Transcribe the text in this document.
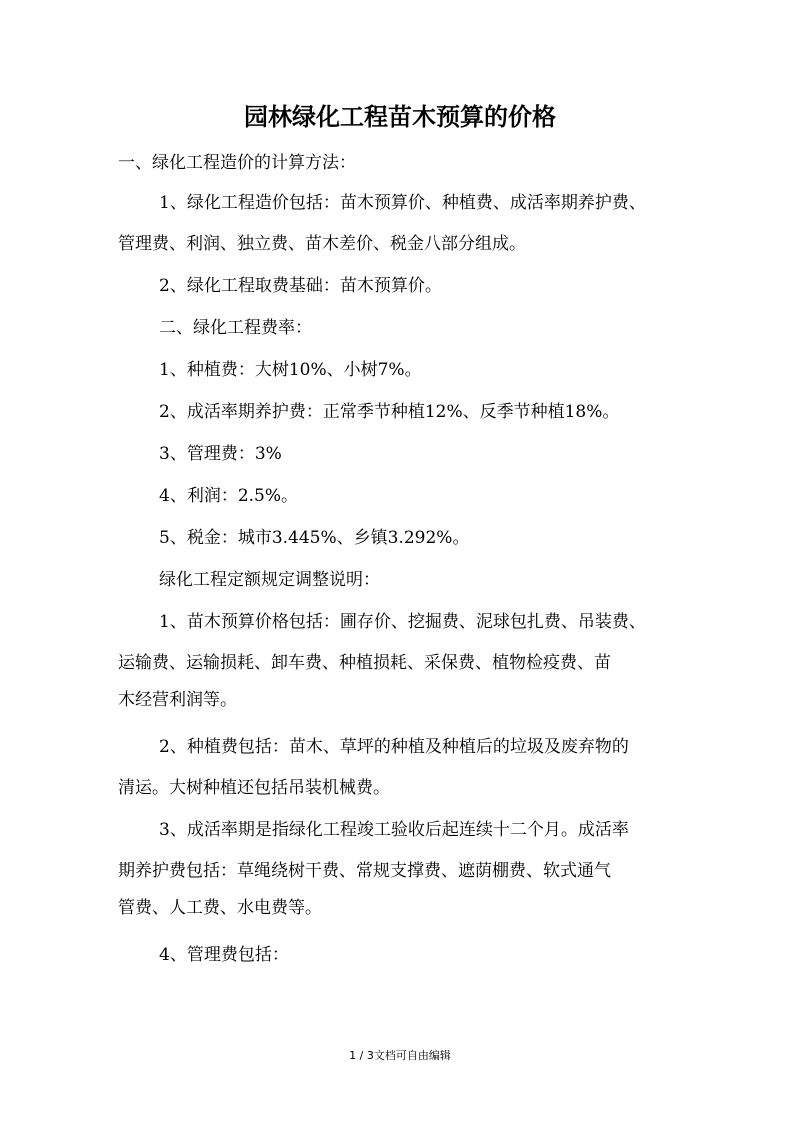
园林绿化工程苗木预算的价格

一、绿化工程造价的计算方法：

1、绿化工程造价包括：苗木预算价、种植费、成活率期养护费、
管理费、利润、独立费、苗木差价、税金八部分组成。

2、绿化工程取费基础：苗木预算价。

二、绿化工程费率：

1、种植费：大树10%、小树7%。

2、成活率期养护费：正常季节种植12%、反季节种植18%。

3、管理费：3%

4、利润：2.5%。

5、税金：城市3.445%、乡镇3.292%。

绿化工程定额规定调整说明：

1、苗木预算价格包括：圃存价、挖掘费、泥球包扎费、吊装费、
运输费、运输损耗、卸车费、种植损耗、采保费、植物检疫费、苗
木经营利润等。

2、种植费包括：苗木、草坪的种植及种植后的垃圾及废弃物的
清运。大树种植还包括吊装机械费。

3、成活率期是指绿化工程竣工验收后起连续十二个月。成活率
期养护费包括：草绳绕树干费、常规支撑费、遮荫棚费、软式通气
管费、人工费、水电费等。

4、管理费包括：

1 / 3文档可自由编辑
